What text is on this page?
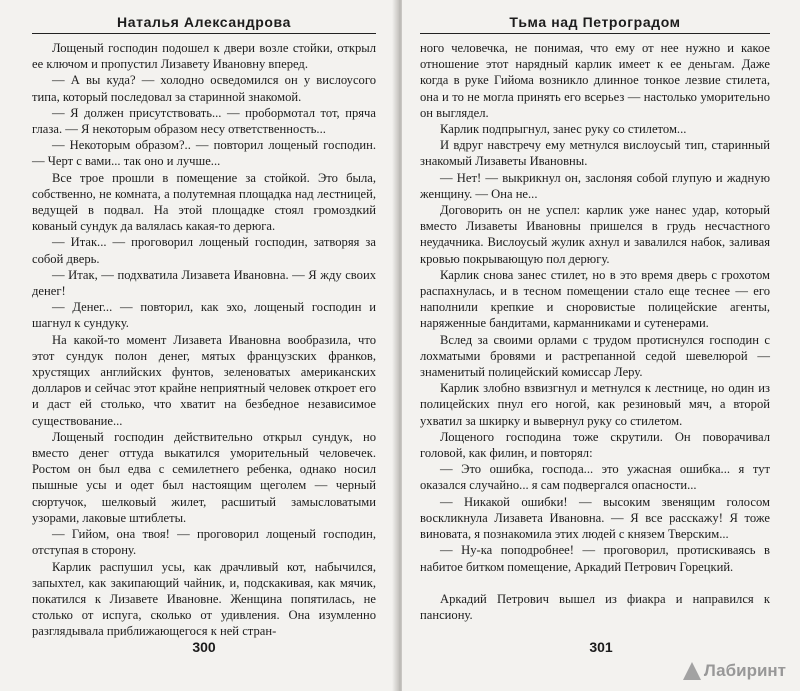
Наталья Александрова

Лощеный господин подошел к двери возле стойки, открыл ее ключом и пропустил Лизавету Ивановну вперед.

— А вы куда? — холодно осведомился он у вислоусого типа, который последовал за старинной знакомой.

— Я должен присутствовать... — пробормотал тот, пряча глаза. — Я некоторым образом несу ответственность...

— Некоторым образом?.. — повторил лощеный господин. — Черт с вами... так оно и лучше...

Все трое прошли в помещение за стойкой. Это была, собственно, не комната, а полутемная площадка над лестницей, ведущей в подвал. На этой площадке стоял громоздкий кованый сундук да валялась какая-то дерюга.

— Итак... — проговорил лощеный господин, затворяя за собой дверь.

— Итак, — подхватила Лизавета Ивановна. — Я жду своих денег!

— Денег... — повторил, как эхо, лощеный господин и шагнул к сундуку.

На какой-то момент Лизавета Ивановна вообразила, что этот сундук полон денег, мятых французских франков, хрустящих английских фунтов, зеленоватых американских долларов и сейчас этот крайне неприятный человек откроет его и даст ей столько, что хватит на безбедное независимое существование...

Лощеный господин действительно открыл сундук, но вместо денег оттуда выкатился уморительный человечек. Ростом он был едва с семилетнего ребенка, однако носил пышные усы и одет был настоящим щеголем — черный сюртучок, шелковый жилет, расшитый замысловатыми узорами, лаковые штиблеты.

— Гийом, она твоя! — проговорил лощеный господин, отступая в сторону.

Карлик распушил усы, как драчливый кот, набычился, запыхтел, как закипающий чайник, и, подскакивая, как мячик, покатился к Лизавете Ивановне. Женщина попятилась, не столько от испуга, сколько от удивления. Она изумленно разглядывала приближающегося к ней стран-

300
Тьма над Петроградом

ного человечка, не понимая, что ему от нее нужно и какое отношение этот нарядный карлик имеет к ее деньгам. Даже когда в руке Гийома возникло длинное тонкое лезвие стилета, она и то не могла принять его всерьез — настолько уморительно он выглядел.

Карлик подпрыгнул, занес руку со стилетом...

И вдруг навстречу ему метнулся вислоусый тип, старинный знакомый Лизаветы Ивановны.

— Нет! — выкрикнул он, заслоняя собой глупую и жадную женщину. — Она не...

Договорить он не успел: карлик уже нанес удар, который вместо Лизаветы Ивановны пришелся в грудь несчастного неудачника. Вислоусый жулик ахнул и завалился набок, заливая кровью покрывающую пол дерюгу.

Карлик снова занес стилет, но в это время дверь с грохотом распахнулась, и в тесном помещении стало еще теснее — его наполнили крепкие и сноровистые полицейские агенты, наряженные бандитами, карманниками и сутенерами.

Вслед за своими орлами с трудом протиснулся господин с лохматыми бровями и растрепанной седой шевелюрой — знаменитый полицейский комиссар Леру.

Карлик злобно взвизгнул и метнулся к лестнице, но один из полицейских пнул его ногой, как резиновый мяч, а второй ухватил за шкирку и вывернул руку со стилетом.

Лощеного господина тоже скрутили. Он поворачивал головой, как филин, и повторял:

— Это ошибка, господа... это ужасная ошибка... я тут оказался случайно... я сам подвергался опасности...

— Никакой ошибки! — высоким звенящим голосом воскликнула Лизавета Ивановна. — Я все расскажу! Я тоже виновата, я познакомила этих людей с князем Тверским...

— Ну-ка поподробнее! — проговорил, протискиваясь в набитое битком помещение, Аркадий Петрович Горецкий.

Аркадий Петрович вышел из фиакра и направился к пансиону.

301
Лабиринт
